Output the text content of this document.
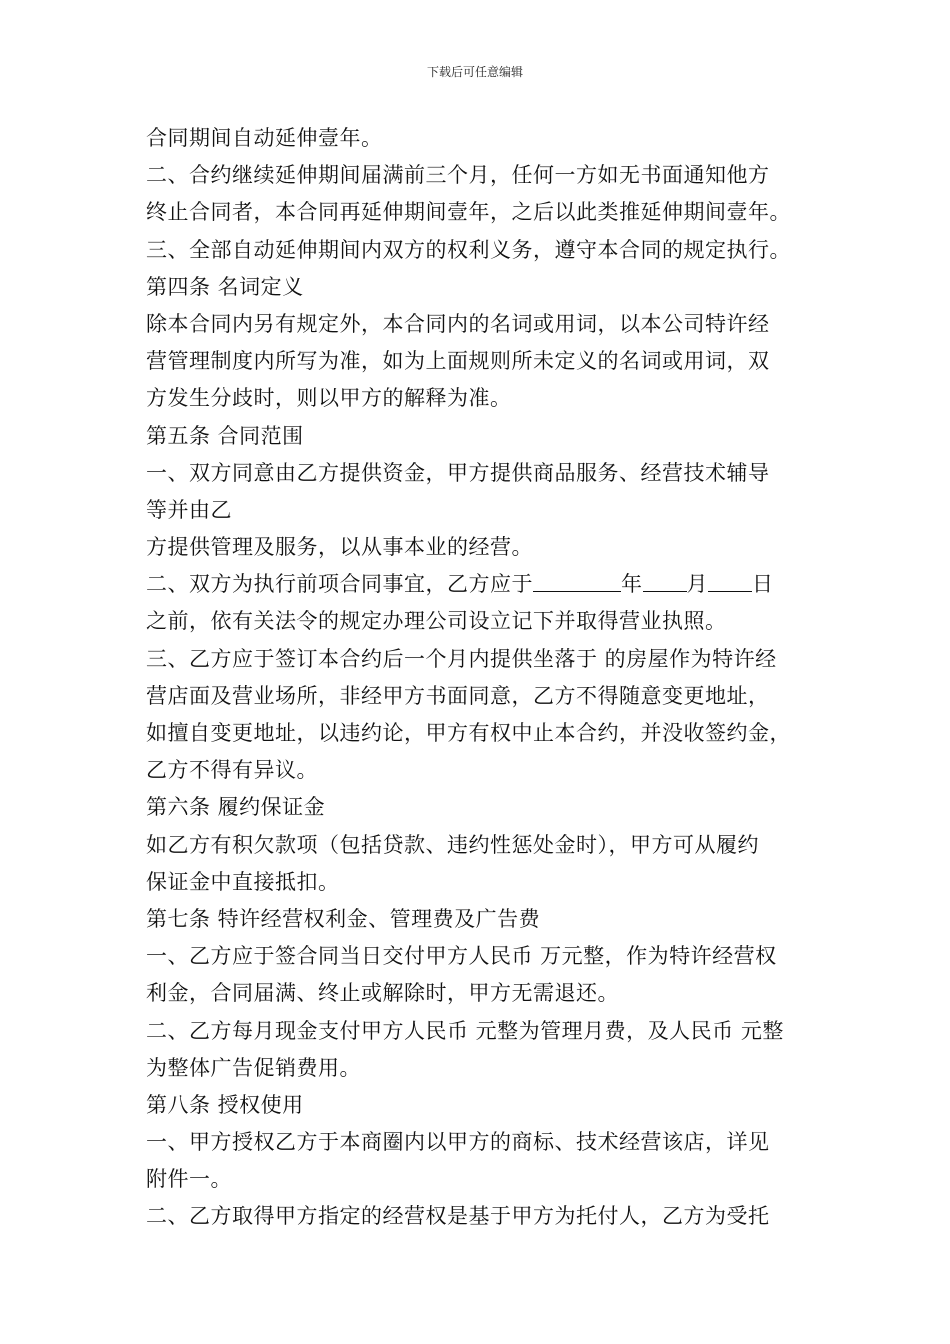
下载后可任意编辑
合同期间自动延伸壹年。
二、合约继续延伸期间届满前三个月，任何一方如无书面通知他方
终止合同者，本合同再延伸期间壹年，之后以此类推延伸期间壹年。
三、全部自动延伸期间内双方的权利义务，遵守本合同的规定执行。
第四条 名词定义
除本合同内另有规定外，本合同内的名词或用词，以本公司特许经
营管理制度内所写为准，如为上面规则所未定义的名词或用词，双
方发生分歧时，则以甲方的解释为准。
第五条 合同范围
一、双方同意由乙方提供资金，甲方提供商品服务、经营技术辅导
等并由乙
方提供管理及服务，以从事本业的经营。
二、双方为执行前项合同事宜，乙方应于	年 月 日
之前，依有关法令的规定办理公司设立记下并取得营业执照。
三、乙方应于签订本合约后一个月内提供坐落于 的房屋作为特许经
营店面及营业场所，非经甲方书面同意，乙方不得随意变更地址，
如擅自变更地址，以违约论，甲方有权中止本合约，并没收签约金，
乙方不得有异议。
第六条 履约保证金
如乙方有积欠款项（包括贷款、违约性惩处金时），甲方可从履约
保证金中直接抵扣。
第七条 特许经营权利金、管理费及广告费
一、乙方应于签合同当日交付甲方人民币 万元整，作为特许经营权
利金，合同届满、终止或解除时，甲方无需退还。
二、乙方每月现金支付甲方人民币 元整为管理月费，及人民币 元整
为整体广告促销费用。
第八条 授权使用
一、甲方授权乙方于本商圈内以甲方的商标、技术经营该店，详见
附件一。
二、乙方取得甲方指定的经营权是基于甲方为托付人，乙方为受托
